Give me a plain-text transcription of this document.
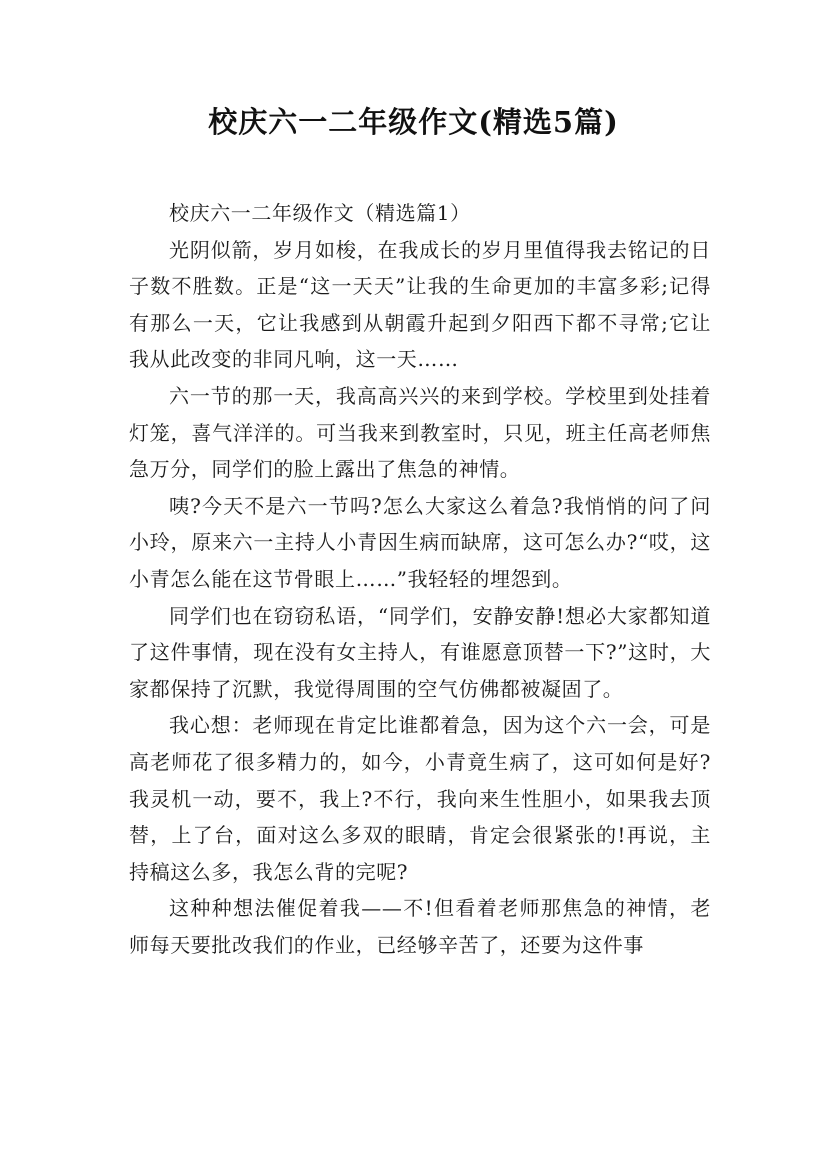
校庆六一二年级作文(精选5篇)

校庆六一二年级作文（精选篇1）

光阴似箭，岁月如梭，在我成长的岁月里值得我去铭记的日子数不胜数。正是“这一天天”让我的生命更加的丰富多彩;记得有那么一天，它让我感到从朝霞升起到夕阳西下都不寻常;它让我从此改变的非同凡响，这一天……

六一节的那一天，我高高兴兴的来到学校。学校里到处挂着灯笼，喜气洋洋的。可当我来到教室时，只见，班主任高老师焦急万分，同学们的脸上露出了焦急的神情。

咦?今天不是六一节吗?怎么大家这么着急?我悄悄的问了问小玲，原来六一主持人小青因生病而缺席，这可怎么办?“哎，这小青怎么能在这节骨眼上……”我轻轻的埋怨到。

同学们也在窃窃私语，“同学们，安静安静!想必大家都知道了这件事情，现在没有女主持人，有谁愿意顶替一下?”这时，大家都保持了沉默，我觉得周围的空气仿佛都被凝固了。

我心想：老师现在肯定比谁都着急，因为这个六一会，可是高老师花了很多精力的，如今，小青竟生病了，这可如何是好?我灵机一动，要不，我上?不行，我向来生性胆小，如果我去顶替，上了台，面对这么多双的眼睛，肯定会很紧张的!再说，主持稿这么多，我怎么背的完呢?

这种种想法催促着我——不!但看着老师那焦急的神情，老师每天要批改我们的作业，已经够辛苦了，还要为这件事
